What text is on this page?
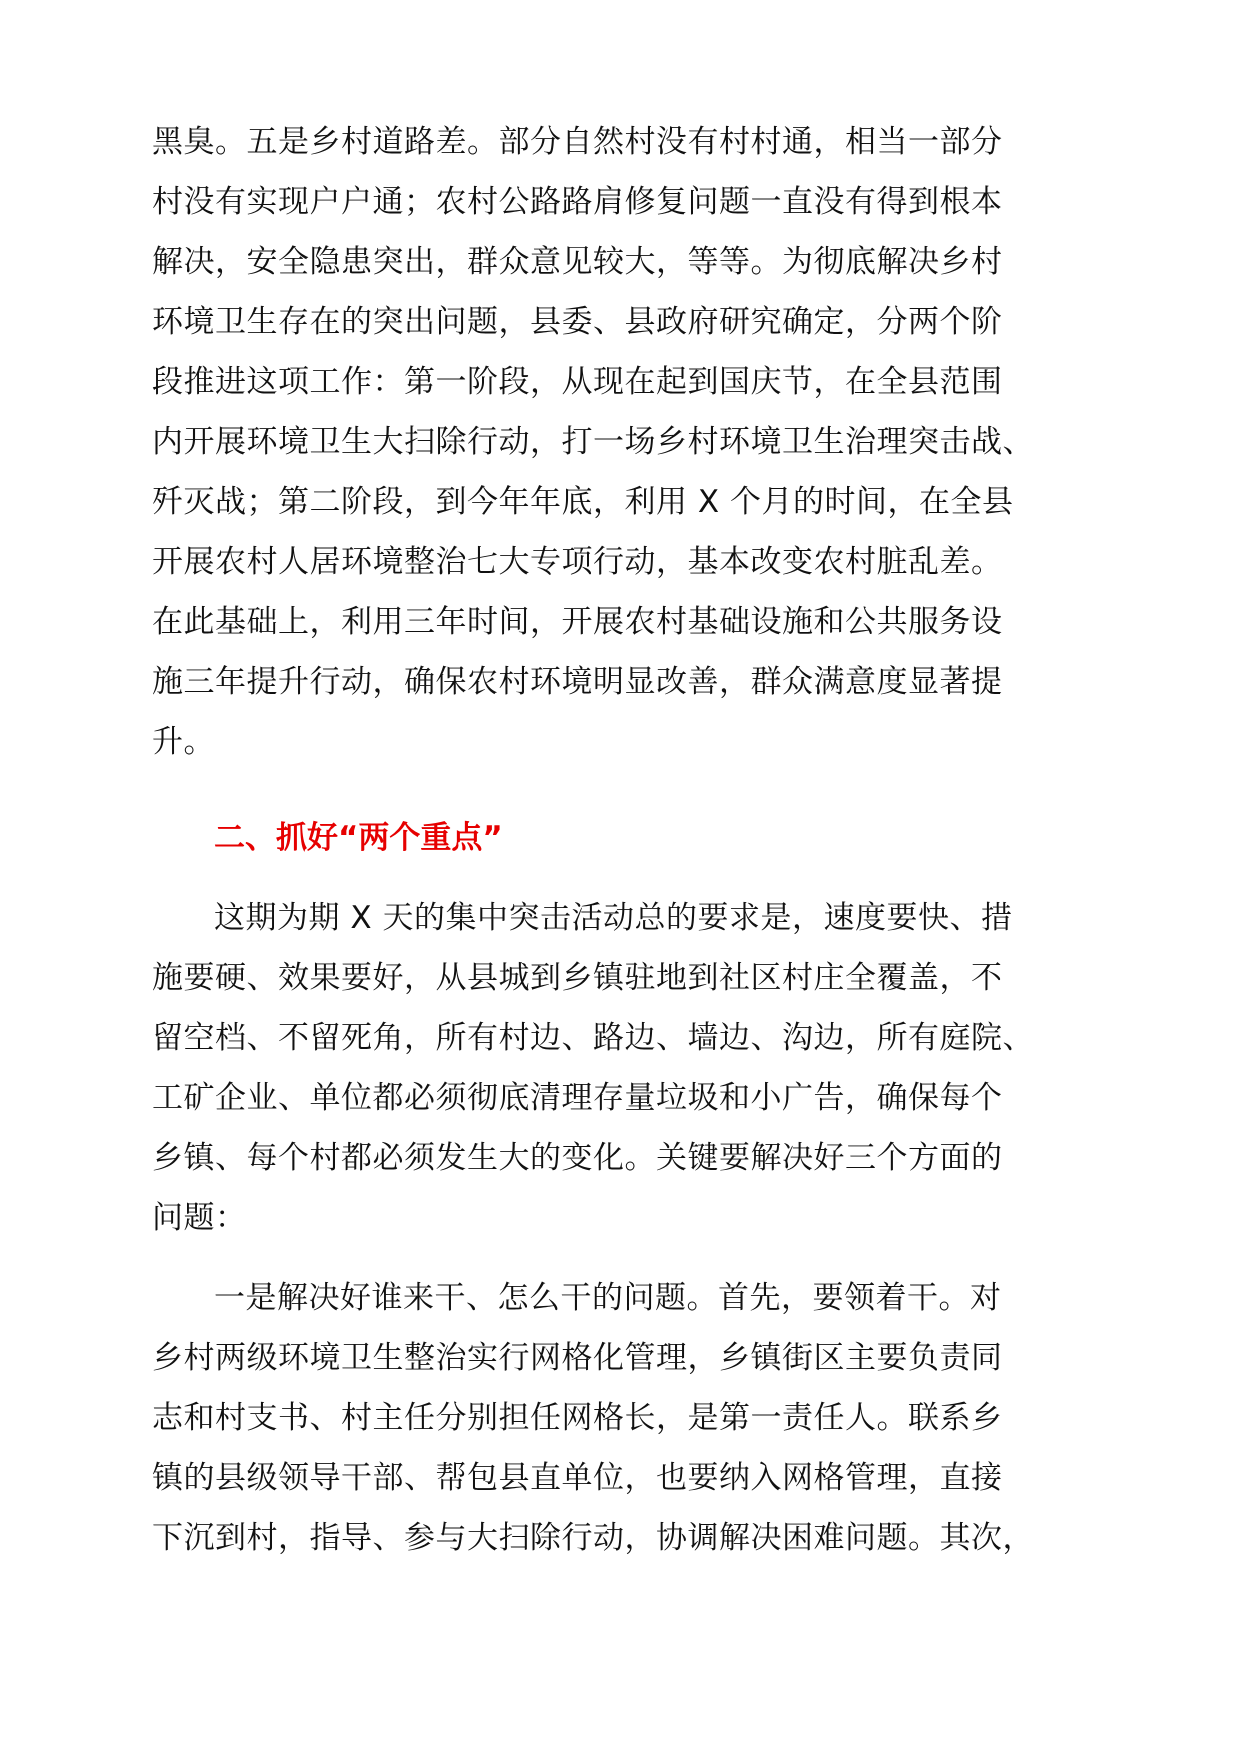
黑臭。五是乡村道路差。部分自然村没有村村通，相当一部分
村没有实现户户通；农村公路路肩修复问题一直没有得到根本
解决，安全隐患突出，群众意见较大，等等。为彻底解决乡村
环境卫生存在的突出问题，县委、县政府研究确定，分两个阶
段推进这项工作：第一阶段，从现在起到国庆节，在全县范围
内开展环境卫生大扫除行动，打一场乡村环境卫生治理突击战、
歼灭战；第二阶段，到今年年底，利用 X 个月的时间，在全县
开展农村人居环境整治七大专项行动，基本改变农村脏乱差。
在此基础上，利用三年时间，开展农村基础设施和公共服务设
施三年提升行动，确保农村环境明显改善，群众满意度显著提
升。
二、抓好“两个重点”
这期为期 X 天的集中突击活动总的要求是，速度要快、措
施要硬、效果要好，从县城到乡镇驻地到社区村庄全覆盖，不
留空档、不留死角，所有村边、路边、墙边、沟边，所有庭院、
工矿企业、单位都必须彻底清理存量垃圾和小广告，确保每个
乡镇、每个村都必须发生大的变化。关键要解决好三个方面的
问题：
一是解决好谁来干、怎么干的问题。首先，要领着干。对
乡村两级环境卫生整治实行网格化管理，乡镇街区主要负责同
志和村支书、村主任分别担任网格长，是第一责任人。联系乡
镇的县级领导干部、帮包县直单位，也要纳入网格管理，直接
下沉到村，指导、参与大扫除行动，协调解决困难问题。其次，
